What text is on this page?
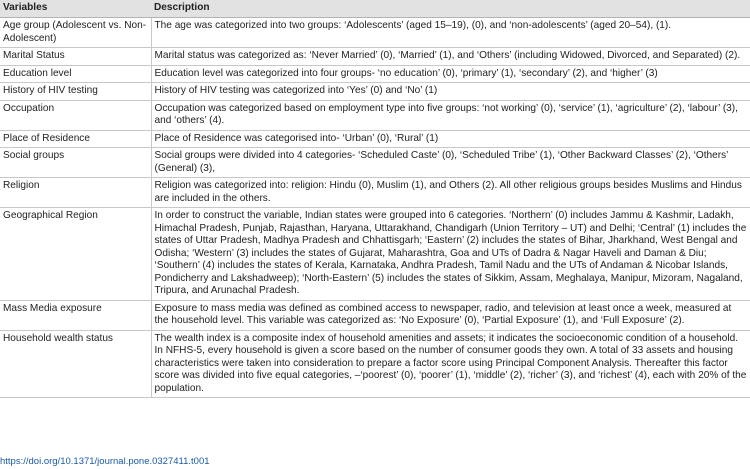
Variables	Description
Age group (Adolescent vs. Non-Adolescent)	The age was categorized into two groups: ‘Adolescents’ (aged 15–19), (0), and ‘non-adolescents’ (aged 20–54), (1).
Marital Status	Marital status was categorized as: ‘Never Married’ (0), ‘Married’ (1), and ‘Others’ (including Widowed, Divorced, and Separated) (2).
Education level	Education level was categorized into four groups- ‘no education’ (0), ‘primary’ (1), ‘secondary’ (2), and ‘higher’ (3)
History of HIV testing	History of HIV testing was categorized into ‘Yes’ (0) and ‘No’ (1)
Occupation	Occupation was categorized based on employment type into five groups: ‘not working’ (0), ‘service’ (1), ‘agriculture’ (2), ‘labour’ (3), and ‘others’ (4).
Place of Residence	Place of Residence was categorised into- ‘Urban’ (0), ‘Rural’ (1)
Social groups	Social groups were divided into 4 categories- ‘Scheduled Caste’ (0), ‘Scheduled Tribe’ (1), ‘Other Backward Classes’ (2), ‘Others’ (General) (3),
Religion	Religion was categorized into: religion: Hindu (0), Muslim (1), and Others (2). All other religious groups besides Muslims and Hindus are included in the others.
Geographical Region	In order to construct the variable, Indian states were grouped into 6 categories. ‘Northern’ (0) includes Jammu & Kashmir, Ladakh, Himachal Pradesh, Punjab, Rajasthan, Haryana, Uttarakhand, Chandigarh (Union Territory – UT) and Delhi; ‘Central’ (1) includes the states of Uttar Pradesh, Madhya Pradesh and Chhattisgarh; ‘Eastern’ (2) includes the states of Bihar, Jharkhand, West Bengal and Odisha; ‘Western’ (3) includes the states of Gujarat, Maharashtra, Goa and UTs of Dadra & Nagar Haveli and Daman & Diu; ‘Southern’ (4) includes the states of Kerala, Karnataka, Andhra Pradesh, Tamil Nadu and the UTs of Andaman & Nicobar Islands, Pondicherry and Lakshadweep); ‘North-Eastern’ (5) includes the states of Sikkim, Assam, Meghalaya, Manipur, Mizoram, Nagaland, Tripura, and Arunachal Pradesh.
Mass Media exposure	Exposure to mass media was defined as combined access to newspaper, radio, and television at least once a week, measured at the household level. This variable was categorized as: ‘No Exposure’ (0), ‘Partial Exposure’ (1), and ‘Full Exposure’ (2).
Household wealth status	The wealth index is a composite index of household amenities and assets; it indicates the socioeconomic condition of a household. In NFHS-5, every household is given a score based on the number of consumer goods they own. A total of 33 assets and housing characteristics were taken into consideration to prepare a factor score using Principal Component Analysis. Thereafter this factor score was divided into five equal categories, ‒‘poorest’ (0), ‘poorer’ (1), ‘middle’ (2), ‘richer’ (3), and ‘richest’ (4), each with 20% of the population.
https://doi.org/10.1371/journal.pone.0327411.t001
